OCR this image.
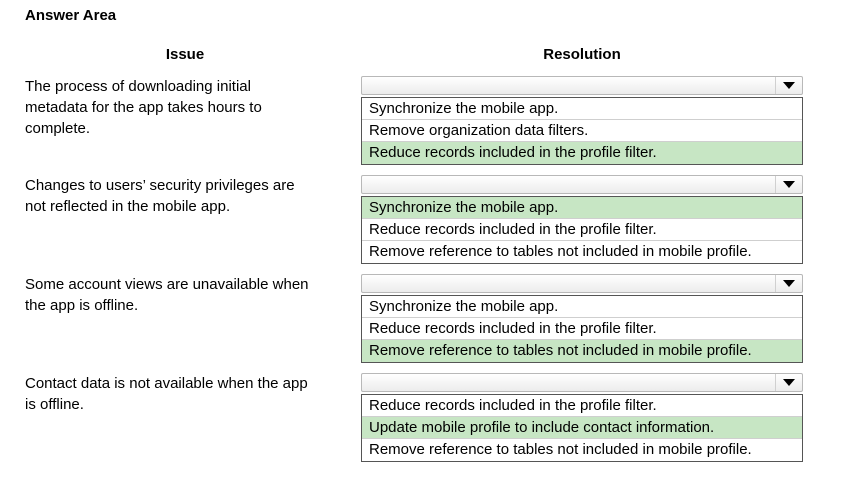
Answer Area
Issue	Resolution
The process of downloading initial
metadata for the app takes hours to
complete.
Synchronize the mobile app.
Remove organization data filters.
Reduce records included in the profile filter.
Changes to users’ security privileges are
not reflected in the mobile app.	Synchronize the mobile app.
Reduce records included in the profile filter.
Remove reference to tables not included in mobile profile.
Some account views are unavailable when
the app is offline.	Synchronize the mobile app.
Reduce records included in the profile filter.
Remove reference to tables not included in mobile profile.
Contact data is not available when the app
is offline.	Reduce records included in the profile filter.
Update mobile profile to include contact information.
Remove reference to tables not included in mobile profile.
